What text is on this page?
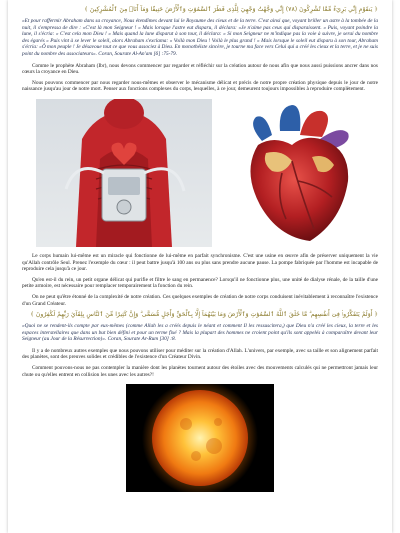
﴿ يَنقَوْمِ إِنِّي بَرِيٓءٌ مِّمَّا تُشْرِكُونَ (٧٨) إِنِّي وَجَّهْتُ وَجْهِيَ لِلَّذِى فَطَرَ ٱلسَّمَٰوَٰتِ وَٱلْأَرْضَ حَنِيفًا وَمَآ أَنَا۠ مِنَ ٱلْمُشْرِكِينَ ﴾

«Et pour raffermir Abraham dans sa croyance, Nous étendîmes devant lui le Royaume des cieux et de la terre. C'est ainsi que, voyant briller un astre à la tombée de la nuit, il s'empressa de dire : «C'est là mon Seigneur ! » Mais lorsque l'astre eut disparu, il déclara: «Je n'aime pas ceux qui disparaissent. » Puis, voyant poindre la lune, il s'écria: « C'est cela mon Dieu ! » Mais quand la lune disparut à son tour, il déclara: « Si mon Seigneur ne m'indique pas la voie à suivre, je serai du nombre des égarés » Puis vint à se lever le soleil, alors Abraham s'exclama: « Voilà mon Dieu ! Voilà le plus grand ! » Mais lorsque le soleil eut disparu à son tour, Abraham s'écria: «Ô mon peuple ! Je désavoue tout ce que vous associez à Dieu. En monothéiste sincère, je tourne ma face vers Celui qui a créé les cieux et la terre, et je ne suis point du nombre des associateurs». Coran, Sourate Al-An'am [6] :75-79.

Comme le prophète Abraham (Ibr), nous devons commencer par regarder et réfléchir sur la création autour de nous afin que nous aussi puissions ancrer dans nos cœurs la croyance en Dieu.

Nous pouvons commencer par nous regarder nous-mêmes et observer le mécanisme délicat et précis de notre propre création physique depuis le jour de notre naissance jusqu'au jour de notre mort. Penser aux fonctions complexes du corps, lesquelles, à ce jour, demeurent toujours impossibles à reproduire complètement.

Le corps humain lui-même est un miracle qui fonctionne de lui-même en parfait synchronisme. C'est une usine en œuvre afin de préserver uniquement la vie qu'Allah contrôle Seul. Prenez l'exemple du cœur : il peut battre jusqu'à 100 ans ou plus sans prendre aucune pause. La pompe fabriquée par l'homme est incapable de reproduire cela jusqu'à ce jour.

Qu'en est-il du rein, un petit organe délicat qui purifie et filtre le sang en permanence? Lorsqu'il ne fonctionne plus, une unité de dialyse rénale, de la taille d'une petite armoire, est nécessaire pour remplacer temporairement la fonction du rein.

On ne peut qu'être étonné de la complexité de notre création. Ces quelques exemples de création de notre corps conduisent inévitablement à reconnaître l'existence d'un Grand Créateur.

﴿ أَوَلَمْ يَتَفَكَّرُوا۟ فِىٓ أَنفُسِهِم ۗ مَّا خَلَقَ ٱللَّهُ ٱلسَّمَٰوَٰتِ وَٱلْأَرْضَ وَمَا بَيْنَهُمَآ إِلَّا بِٱلْحَقِّ وَأَجَلٍ مُّسَمًّى ۗ وَإِنَّ كَثِيرًا مِّنَ ٱلنَّاسِ بِلِقَآئِ رَبِّهِمْ لَكَٰفِرُونَ ﴾

«Quoi ne se rendent-ils compte par eux-mêmes (comme Allah les a créés depuis le néant et comment Il les ressuscitera,) que Dieu n'a créé les cieux, la terre et les espaces interstellaires que dans un but bien défini et pour un terme fixé ? Mais la plupart des hommes ne croient point qu'ils sont appelés à comparaître devant leur Seigneur (au Jour de la Résurrection)». Coran, Sourate Ar-Rum [30] :8.

Il y a de nombreux autres exemples que nous pouvons utiliser pour méditer sur la création d'Allah. L'univers, par exemple, avec sa taille et son alignement parfait des planètes, sont des preuves solides et crédibles de l'existence d'un Créateur Divin.

Comment pouvons-nous ne pas contempler la manière dont les planètes tournent autour des étoiles avec des mouvements calculés qui ne permettront jamais leur chute ou qu'elles entrent en collision les unes avec les autres?!
